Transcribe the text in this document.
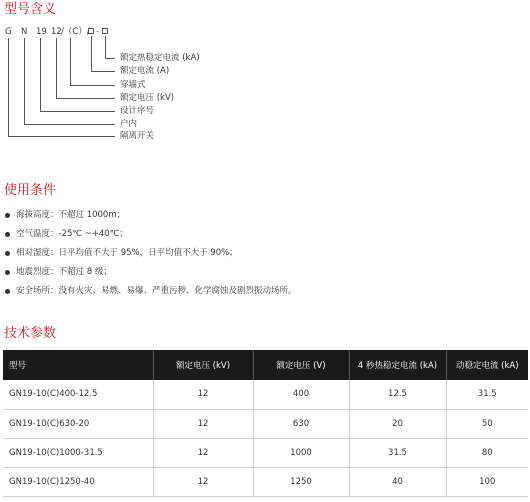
型号含义
G N 19 12 /（C）/ -
额定热稳定电流 (kA)
额定电流 (A)
穿墙式
额定电压 (kV)
设计序号
户内
隔离开关
使用条件
海拔高度：不超过 1000m；
空气温度：-25℃ ~+40℃；
相对湿度：日平均值不大于 95%，日平均值不大于 90%；
地震烈度：不超过 8 级；
安全场所：没有火灾、易燃、易爆、严重污秽、化学腐蚀及剧烈振动场所。
技术参数
型号	额定电压 (kV)	额定电压 (V)	4 秒热稳定电流 (kA)	动稳定电流 (kA)
GN19-10(C)400-12.5	12	400	12.5	31.5
GN19-10(C)630-20	12	630	20	50
GN19-10(C)1000-31.5	12	1000	31.5	80
GN19-10(C)1250-40	12	1250	40	100
